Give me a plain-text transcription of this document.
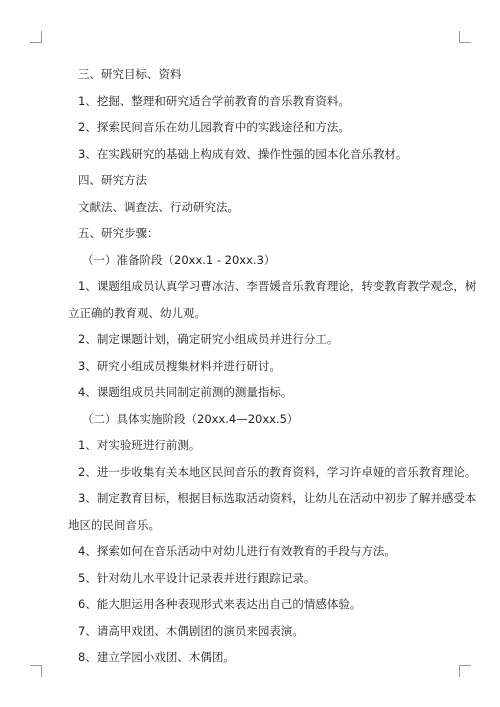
三、研究目标、资料
1、挖掘、整理和研究适合学前教育的音乐教育资料。
2、探索民间音乐在幼儿园教育中的实践途径和方法。
3、在实践研究的基础上构成有效、操作性强的园本化音乐教材。
四、研究方法
文献法、调查法、行动研究法。
五、研究步骤：
（一）准备阶段（20xx.1 - 20xx.3）
1、课题组成员认真学习曹冰洁、李晋媛音乐教育理论，转变教育教学观念，树
立正确的教育观、幼儿观。
2、制定课题计划，确定研究小组成员并进行分工。
3、研究小组成员搜集材料并进行研讨。
4、课题组成员共同制定前测的测量指标。
（二）具体实施阶段（20xx.4—20xx.5）
1、对实验班进行前测。
2、进一步收集有关本地区民间音乐的教育资料，学习许卓娅的音乐教育理论。
3、制定教育目标，根据目标选取活动资料，让幼儿在活动中初步了解并感受本
地区的民间音乐。
4、探索如何在音乐活动中对幼儿进行有效教育的手段与方法。
5、针对幼儿水平设计记录表并进行跟踪记录。
6、能大胆运用各种表现形式来表达出自己的情感体验。
7、请高甲戏团、木偶剧团的演员来园表演。
8、建立学园小戏团、木偶团。
